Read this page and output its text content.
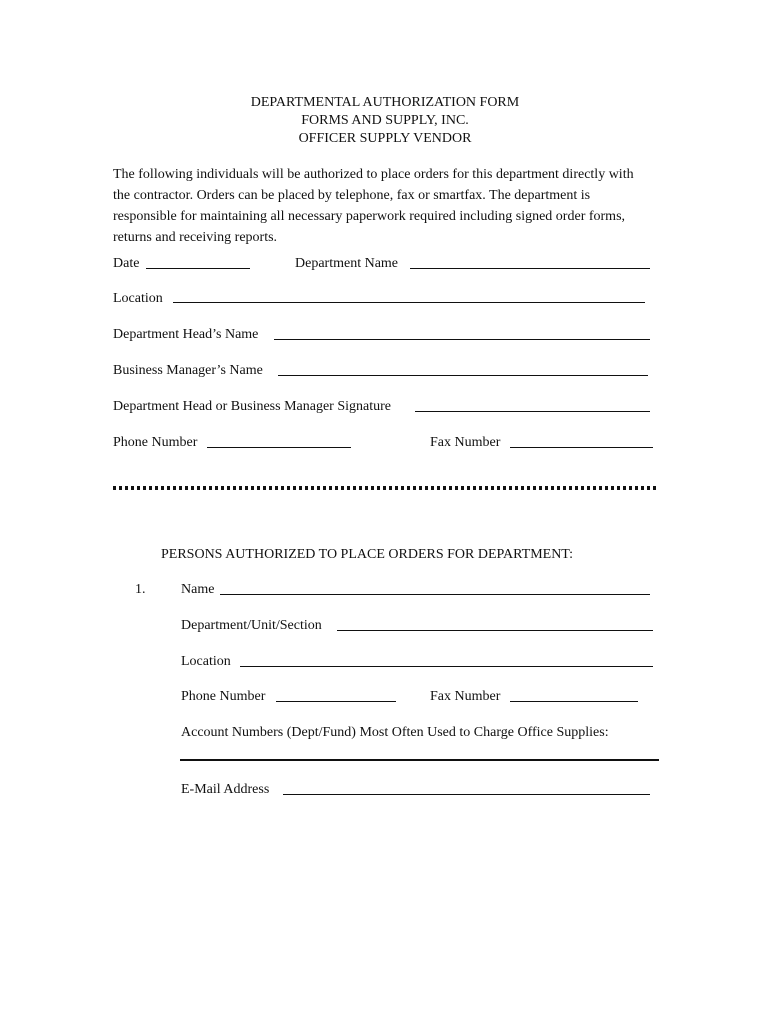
DEPARTMENTAL AUTHORIZATION FORM
FORMS AND SUPPLY, INC.
OFFICER SUPPLY VENDOR
The following individuals will be authorized to place orders for this department directly with the contractor. Orders can be placed by telephone, fax or smartfax. The department is responsible for maintaining all necessary paperwork required including signed order forms, returns and receiving reports.
Date	Department Name
Location
Department Head’s Name
Business Manager’s Name
Department Head or Business Manager Signature
Phone Number	Fax Number
PERSONS AUTHORIZED TO PLACE ORDERS FOR DEPARTMENT:
1.	Name
Department/Unit/Section
Location
Phone Number	Fax Number
Account Numbers (Dept/Fund) Most Often Used to Charge Office Supplies:
E-Mail Address
